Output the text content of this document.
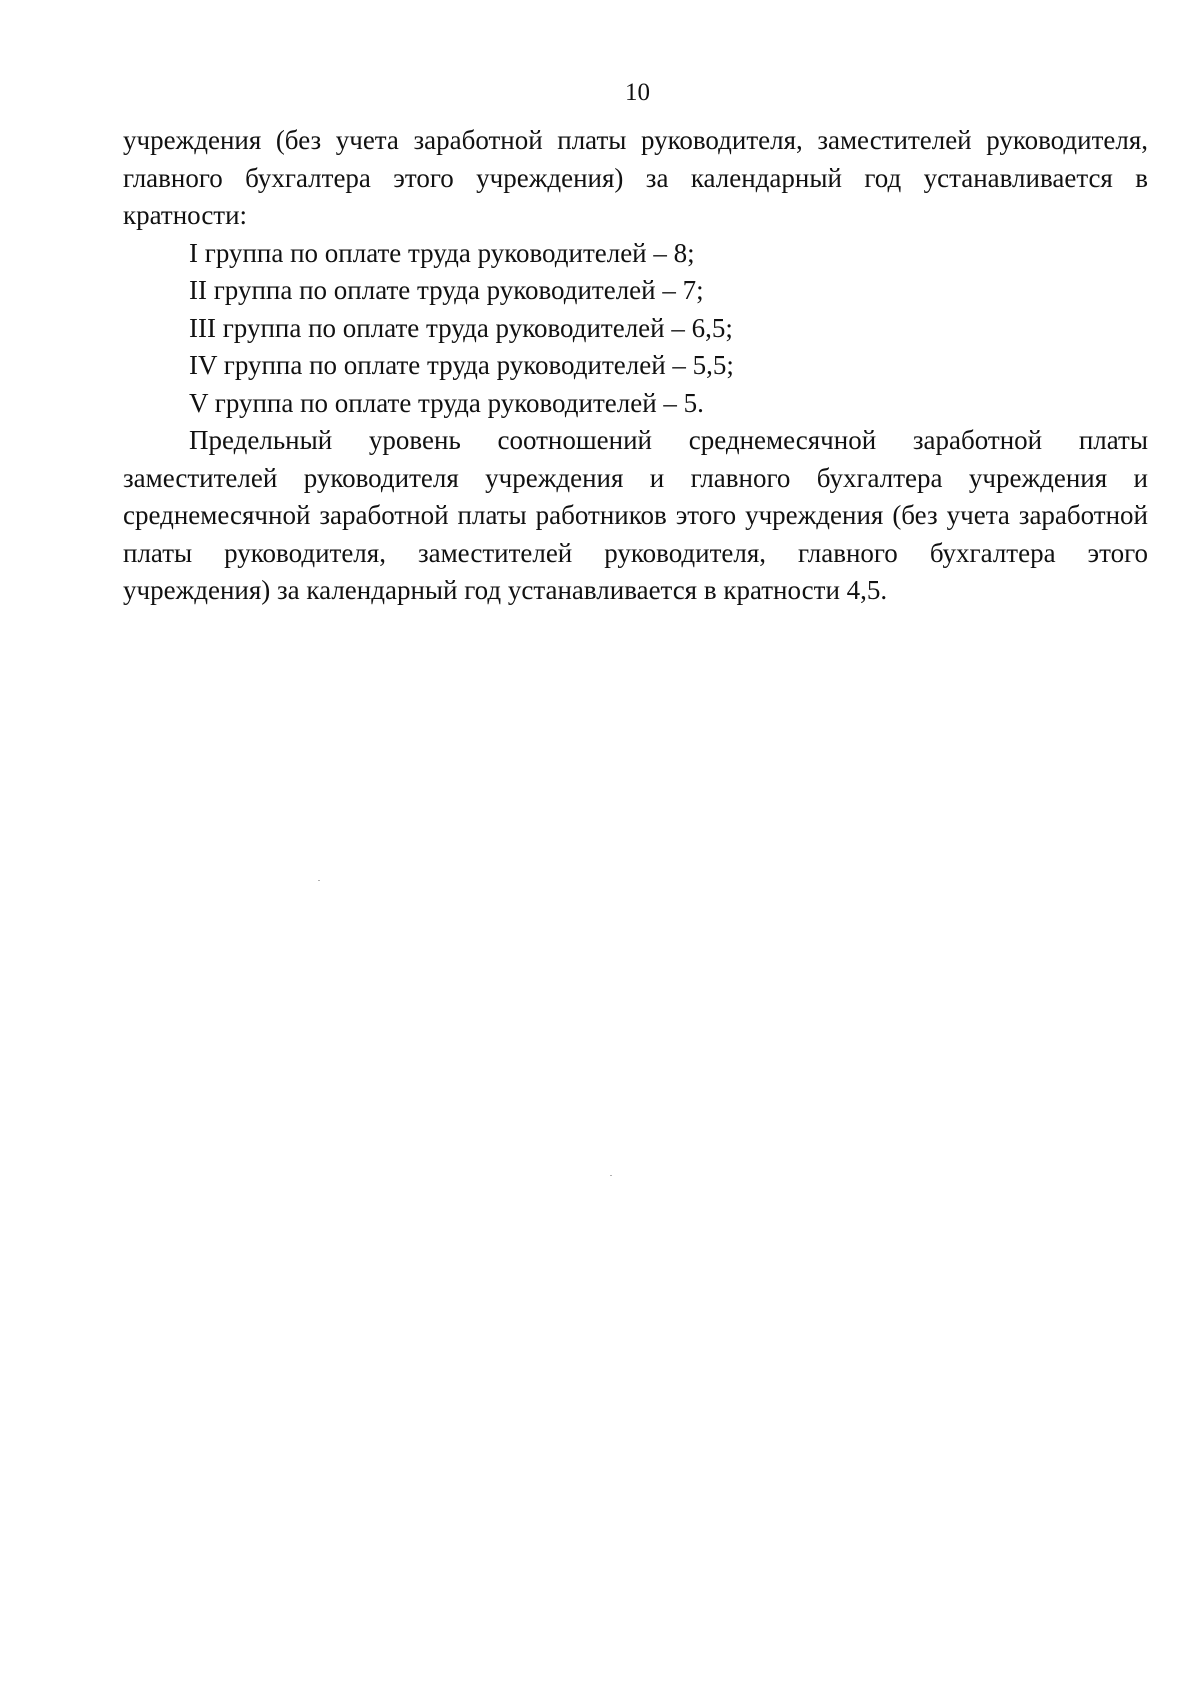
10

учреждения (без учета заработной платы руководителя, заместителей руководителя, главного бухгалтера этого учреждения) за календарный год устанавливается в кратности:

I группа по оплате труда руководителей – 8;

II группа по оплате труда руководителей – 7;

III группа по оплате труда руководителей – 6,5;

IV группа по оплате труда руководителей – 5,5;

V группа по оплате труда руководителей – 5.

Предельный уровень соотношений среднемесячной заработной платы заместителей руководителя учреждения и главного бухгалтера учреждения и среднемесячной заработной платы работников этого учреждения (без учета заработной платы руководителя, заместителей руководителя, главного бухгалтера этого учреждения) за календарный год устанавливается в кратности 4,5.
